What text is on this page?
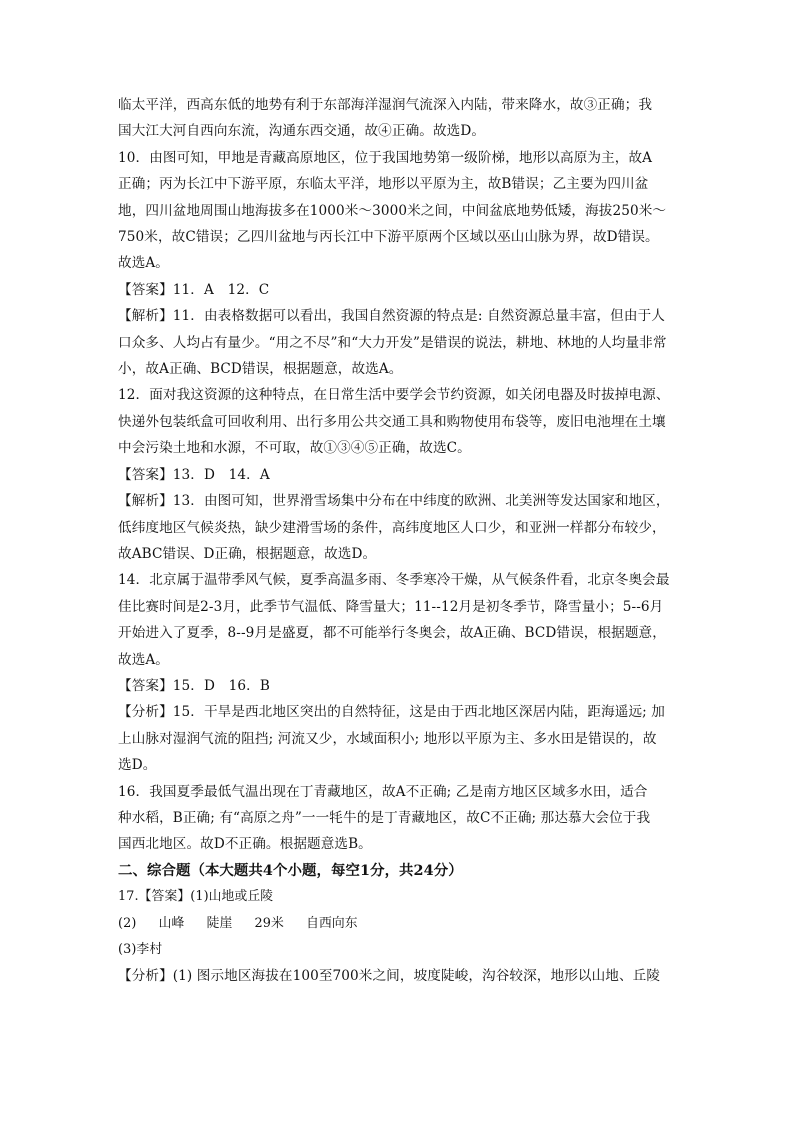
临太平洋，西高东低的地势有利于东部海洋湿润气流深入内陆，带来降水，故③正确；我
国大江大河自西向东流，沟通东西交通，故④正确。故选D。
10．由图可知，甲地是青藏高原地区，位于我国地势第一级阶梯，地形以高原为主，故A
正确；丙为长江中下游平原，东临太平洋，地形以平原为主，故B错误；乙主要为四川盆
地，四川盆地周围山地海拔多在1000米～3000米之间，中间盆底地势低矮，海拔250米～
750米，故C错误；乙四川盆地与丙长江中下游平原两个区域以巫山山脉为界，故D错误。
故选A。
【答案】11．A　12．C
【解析】11．由表格数据可以看出，我国自然资源的特点是: 自然资源总量丰富，但由于人
口众多、人均占有量少。“用之不尽”和“大力开发”是错误的说法，耕地、林地的人均量非常
小，故A正确、BCD错误，根据题意，故选A。
12．面对我这资源的这种特点，在日常生活中要学会节约资源，如关闭电器及时拔掉电源、
快递外包装纸盒可回收利用、出行多用公共交通工具和购物使用布袋等，废旧电池埋在土壤
中会污染土地和水源，不可取，故①③④⑤正确，故选C。
【答案】13．D　14．A
【解析】13．由图可知，世界滑雪场集中分布在中纬度的欧洲、北美洲等发达国家和地区，
低纬度地区气候炎热，缺少建滑雪场的条件，高纬度地区人口少，和亚洲一样都分布较少，
故ABC错误、D正确，根据题意，故选D。
14．北京属于温带季风气候，夏季高温多雨、冬季寒冷干燥，从气候条件看，北京冬奥会最
佳比赛时间是2-3月，此季节气温低、降雪量大；11--12月是初冬季节，降雪量小；5--6月
开始进入了夏季，8--9月是盛夏，都不可能举行冬奥会，故A正确、BCD错误，根据题意，
故选A。
【答案】15．D　16．B
【分析】15．干旱是西北地区突出的自然特征，这是由于西北地区深居内陆，距海遥远; 加
上山脉对湿润气流的阻挡; 河流又少，水域面积小; 地形以平原为主、多水田是错误的，故
选D。
16．我国夏季最低气温出现在丁青藏地区，故A不正确; 乙是南方地区区域多水田，适合
种水稻，B正确; 有“高原之舟”一一牦牛的是丁青藏地区，故C不正确; 那达慕大会位于我
国西北地区。故D不正确。根据题意选B。
二、综合题（本大题共4个小题，每空1分，共24分）
17.【答案】(1)山地或丘陵
(2) 山峰 陡崖 29米 自西向东
(3)李村
【分析】(1) 图示地区海拔在100至700米之间，坡度陡峻，沟谷较深，地形以山地、丘陵
